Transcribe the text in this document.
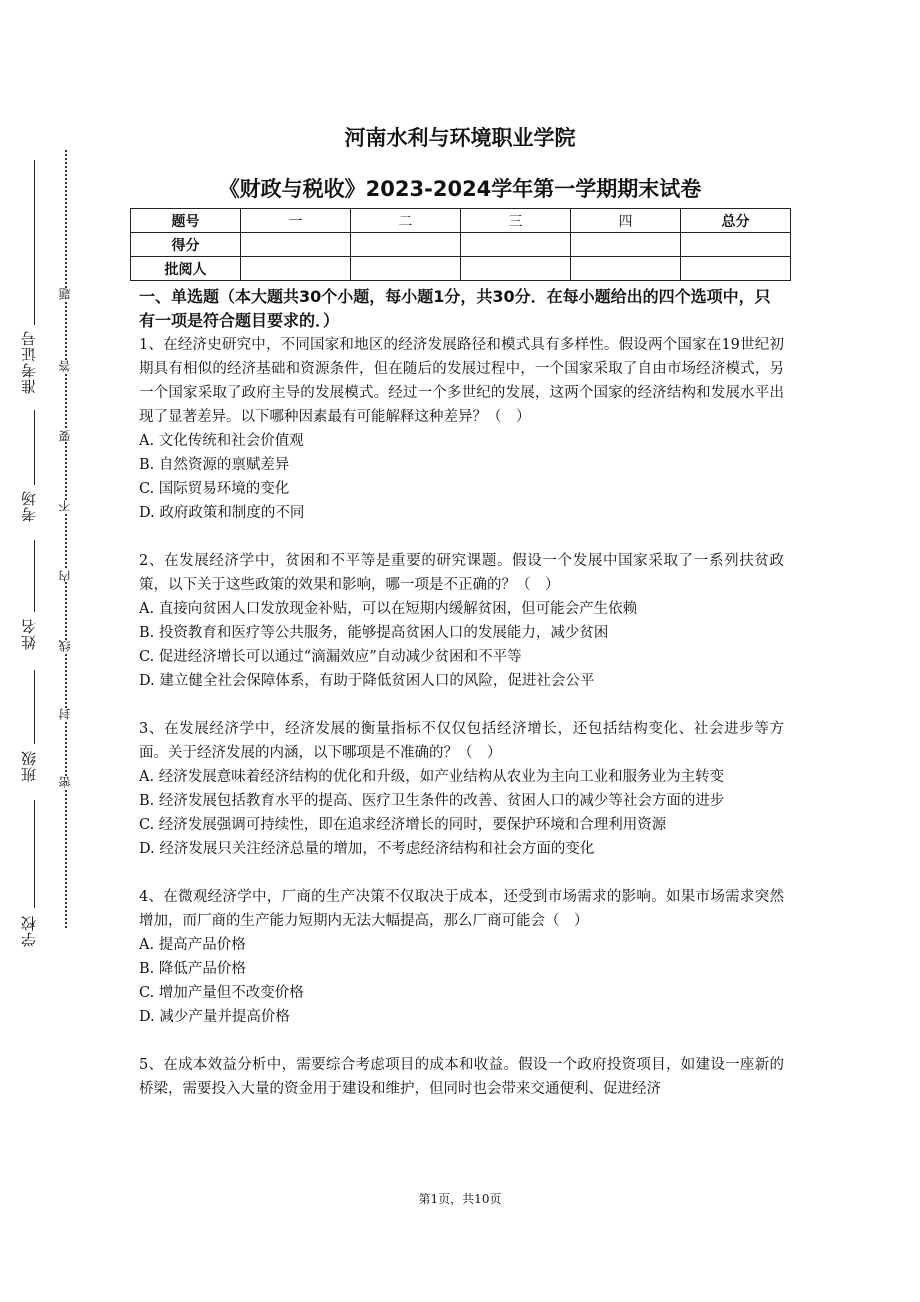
准考证号
考场
姓名
班级
学校
题
答
要
不
内
线
封
密
河南水利与环境职业学院
《财政与税收》2023-2024学年第一学期期末试卷
题号	一	二	三	四	总分
得分					
批阅人					
一、单选题（本大题共30个小题，每小题1分，共30分．在每小题给出的四个选项中，只有一项是符合题目要求的．）
1、在经济史研究中，不同国家和地区的经济发展路径和模式具有多样性。假设两个国家在19世纪初期具有相似的经济基础和资源条件，但在随后的发展过程中，一个国家采取了自由市场经济模式，另一个国家采取了政府主导的发展模式。经过一个多世纪的发展，这两个国家的经济结构和发展水平出现了显著差异。以下哪种因素最有可能解释这种差异？（　）
A. 文化传统和社会价值观
B. 自然资源的禀赋差异
C. 国际贸易环境的变化
D. 政府政策和制度的不同
2、在发展经济学中，贫困和不平等是重要的研究课题。假设一个发展中国家采取了一系列扶贫政策，以下关于这些政策的效果和影响，哪一项是不正确的？（　）
A. 直接向贫困人口发放现金补贴，可以在短期内缓解贫困，但可能会产生依赖
B. 投资教育和医疗等公共服务，能够提高贫困人口的发展能力，减少贫困
C. 促进经济增长可以通过“滴漏效应”自动减少贫困和不平等
D. 建立健全社会保障体系，有助于降低贫困人口的风险，促进社会公平
3、在发展经济学中，经济发展的衡量指标不仅仅包括经济增长，还包括结构变化、社会进步等方面。关于经济发展的内涵，以下哪项是不准确的？（　）
A. 经济发展意味着经济结构的优化和升级，如产业结构从农业为主向工业和服务业为主转变
B. 经济发展包括教育水平的提高、医疗卫生条件的改善、贫困人口的减少等社会方面的进步
C. 经济发展强调可持续性，即在追求经济增长的同时，要保护环境和合理利用资源
D. 经济发展只关注经济总量的增加，不考虑经济结构和社会方面的变化
4、在微观经济学中，厂商的生产决策不仅取决于成本，还受到市场需求的影响。如果市场需求突然增加，而厂商的生产能力短期内无法大幅提高，那么厂商可能会（　）
A. 提高产品价格
B. 降低产品价格
C. 增加产量但不改变价格
D. 减少产量并提高价格
5、在成本效益分析中，需要综合考虑项目的成本和收益。假设一个政府投资项目，如建设一座新的桥梁，需要投入大量的资金用于建设和维护，但同时也会带来交通便利、促进经济
第1页，共10页
